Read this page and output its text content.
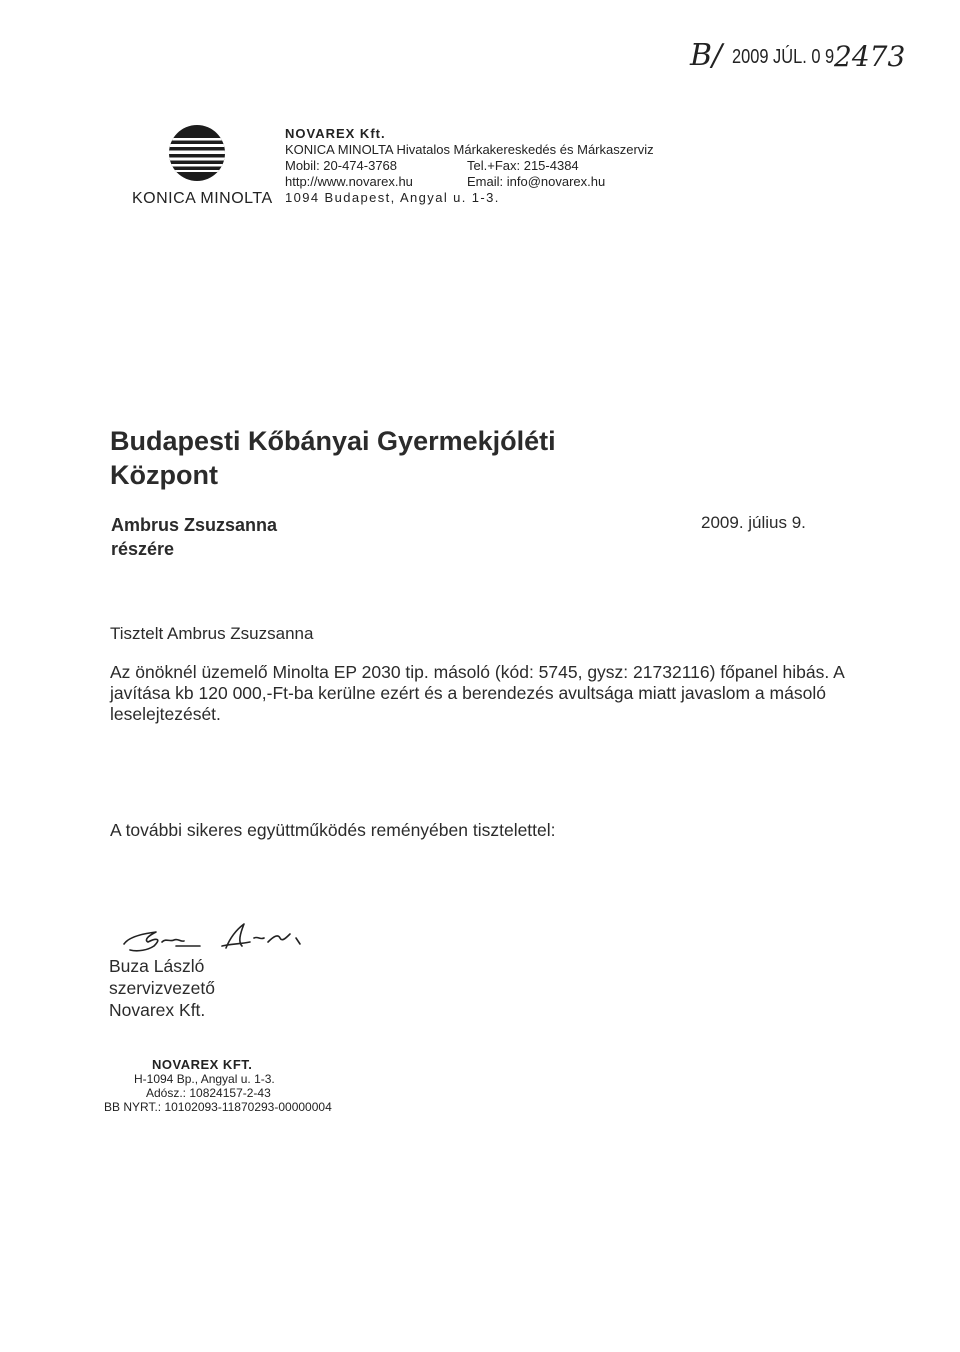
B/ 2009 JÚL. 0 9 2473
KONICA MINOLTA
NOVAREX Kft.
KONICA MINOLTA Hivatalos Márkakereskedés és Márkaszerviz
Mobil: 20-474-3768	Tel.+Fax: 215-4384
http://www.novarex.hu	Email: info@novarex.hu
1094 Budapest, Angyal u. 1-3.
Budapesti Kőbányai Gyermekjóléti
Központ
Ambrus Zsuzsanna
részére
2009. július 9.
Tisztelt Ambrus Zsuzsanna
Az önöknél üzemelő Minolta EP 2030 tip. másoló (kód: 5745, gysz: 21732116) főpanel hibás. A javítása kb 120 000,-Ft-ba kerülne ezért és a berendezés avultsága miatt javaslom a másoló leselejtezését.
A további sikeres együttműködés reményében tisztelettel:
Buza László
szervizvezető
Novarex Kft.
NOVAREX KFT.
H-1094 Bp., Angyal u. 1-3.
Adósz.: 10824157-2-43
BB NYRT.: 10102093-11870293-00000004
